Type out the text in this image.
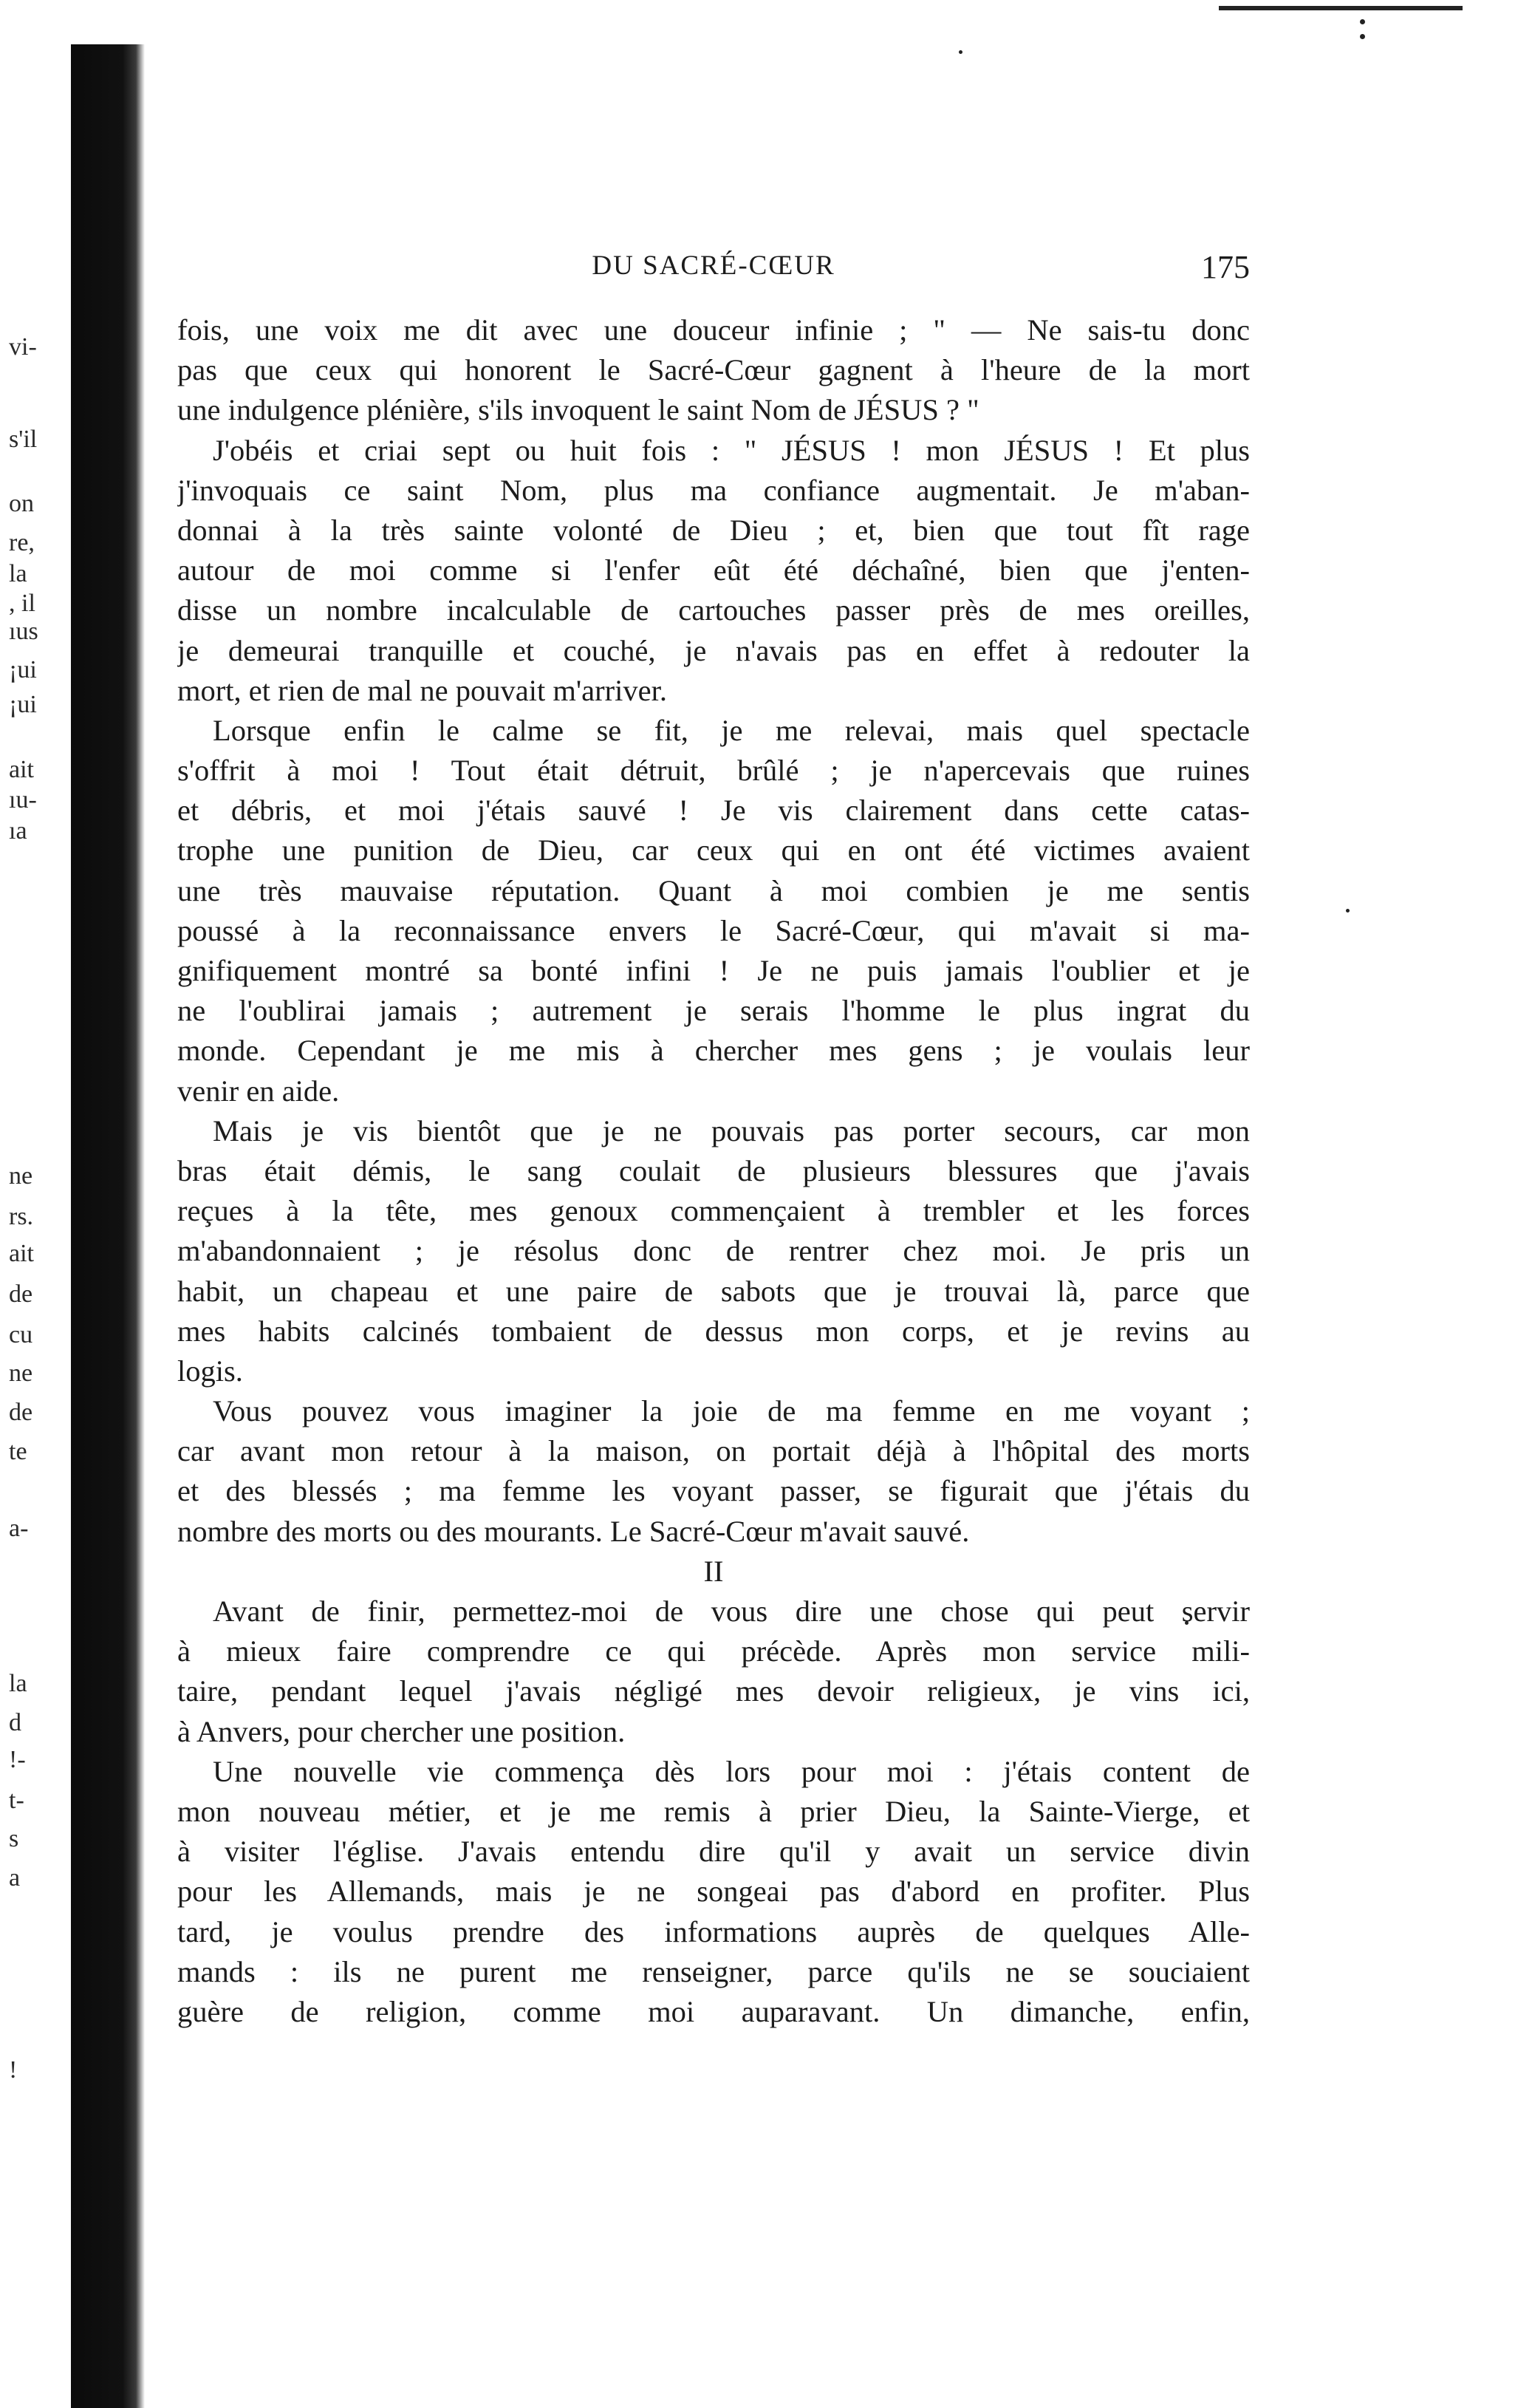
vi-
s'il
on
re,
la
, il
ıus
¡ui
¡ui
ait
ıu-
ıa
ne
rs.
ait
de
cu
ne
de
te
a-
la
d
!-
t-
s
a
!
DU SACRÉ-CŒUR	175
fois, une voix me dit avec une douceur infinie ; " — Ne sais-tu donc
pas que ceux qui honorent le Sacré-Cœur gagnent à l'heure de la mort
une indulgence plénière, s'ils invoquent le saint Nom de JÉSUS ? "
J'obéis et criai sept ou huit fois : " JÉSUS ! mon JÉSUS ! Et plus
j'invoquais ce saint Nom, plus ma confiance augmentait. Je m'aban-
donnai à la très sainte volonté de Dieu ; et, bien que tout fît rage
autour de moi comme si l'enfer eût été déchaîné, bien que j'enten-
disse un nombre incalculable de cartouches passer près de mes oreilles,
je demeurai tranquille et couché, je n'avais pas en effet à redouter la
mort, et rien de mal ne pouvait m'arriver.
Lorsque enfin le calme se fit, je me relevai, mais quel spectacle
s'offrit à moi ! Tout était détruit, brûlé ; je n'apercevais que ruines
et débris, et moi j'étais sauvé ! Je vis clairement dans cette catas-
trophe une punition de Dieu, car ceux qui en ont été victimes avaient
une très mauvaise réputation. Quant à moi combien je me sentis
poussé à la reconnaissance envers le Sacré-Cœur, qui m'avait si ma-
gnifiquement montré sa bonté infini ! Je ne puis jamais l'oublier et je
ne l'oublirai jamais ; autrement je serais l'homme le plus ingrat du
monde. Cependant je me mis à chercher mes gens ; je voulais leur
venir en aide.
Mais je vis bientôt que je ne pouvais pas porter secours, car mon
bras était démis, le sang coulait de plusieurs blessures que j'avais
reçues à la tête, mes genoux commençaient à trembler et les forces
m'abandonnaient ; je résolus donc de rentrer chez moi. Je pris un
habit, un chapeau et une paire de sabots que je trouvai là, parce que
mes habits calcinés tombaient de dessus mon corps, et je revins au
logis.
Vous pouvez vous imaginer la joie de ma femme en me voyant ;
car avant mon retour à la maison, on portait déjà à l'hôpital des morts
et des blessés ; ma femme les voyant passer, se figurait que j'étais du
nombre des morts ou des mourants. Le Sacré-Cœur m'avait sauvé.
II
Avant de finir, permettez-moi de vous dire une chose qui peut servir
à mieux faire comprendre ce qui précède. Après mon service mili-
taire, pendant lequel j'avais négligé mes devoir religieux, je vins ici,
à Anvers, pour chercher une position.
Une nouvelle vie commença dès lors pour moi : j'étais content de
mon nouveau métier, et je me remis à prier Dieu, la Sainte-Vierge, et
à visiter l'église. J'avais entendu dire qu'il y avait un service divin
pour les Allemands, mais je ne songeai pas d'abord en profiter. Plus
tard, je voulus prendre des informations auprès de quelques Alle-
mands : ils ne purent me renseigner, parce qu'ils ne se souciaient
guère de religion, comme moi auparavant. Un dimanche, enfin,
